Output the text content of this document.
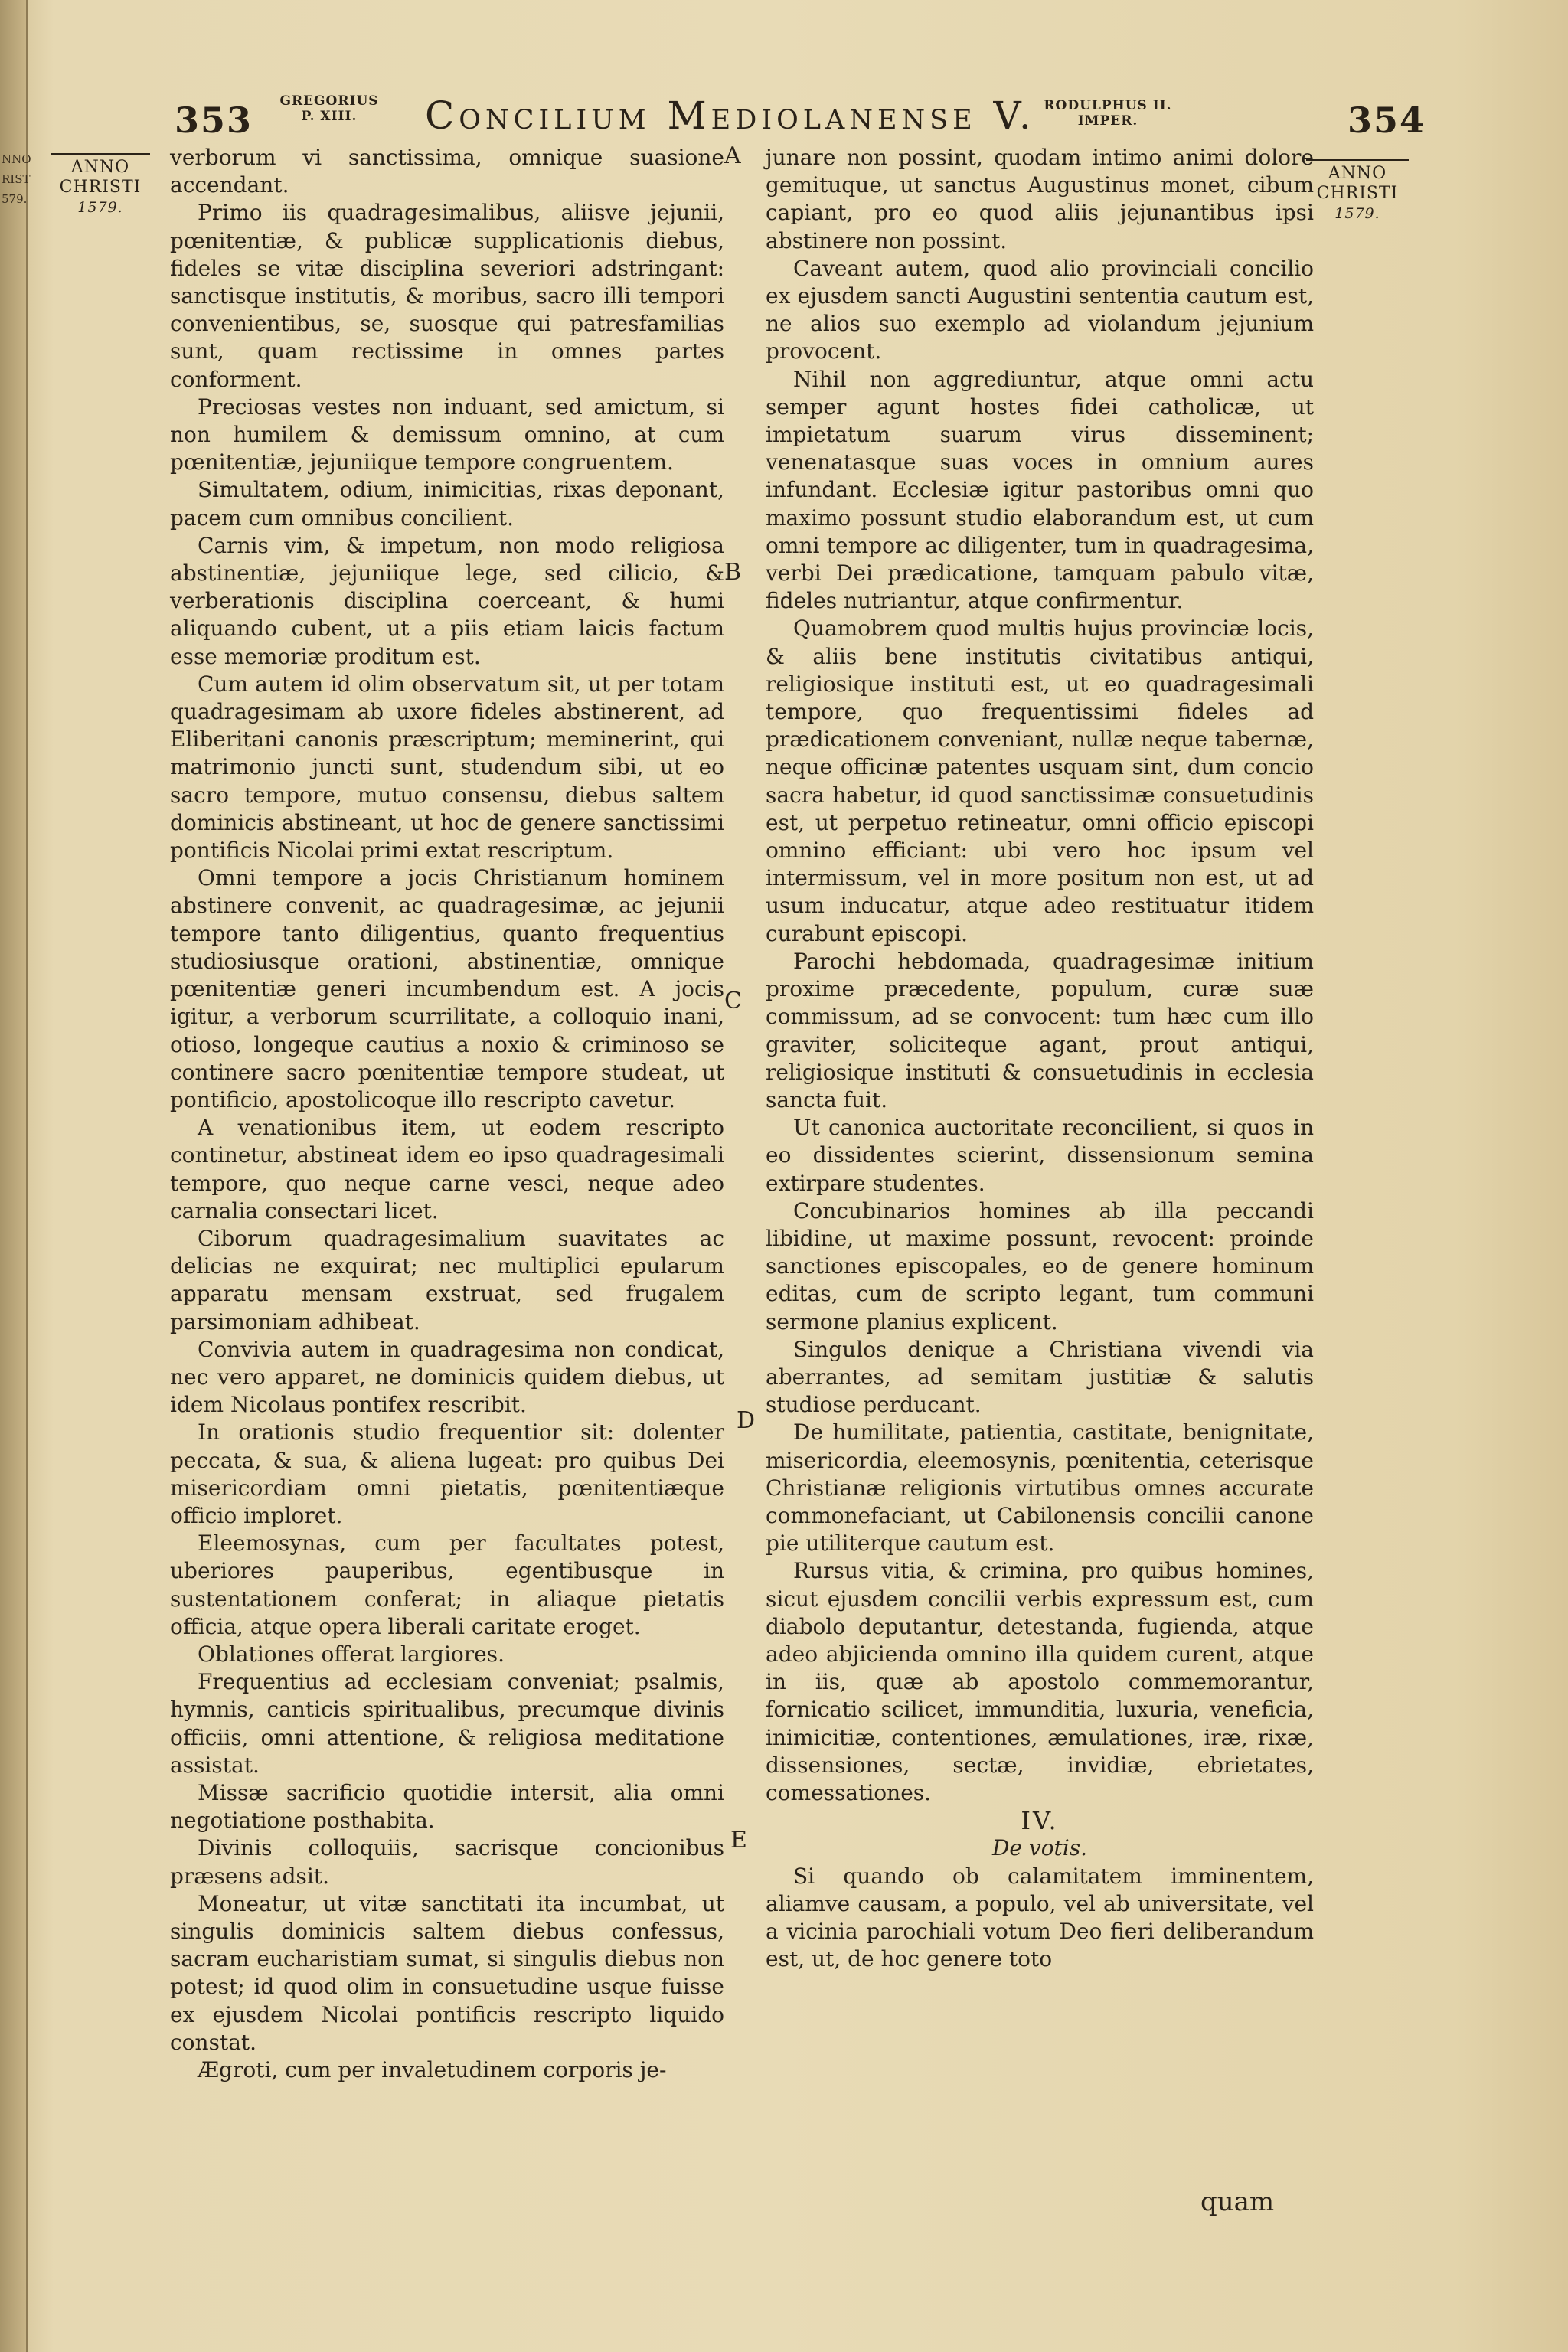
NNO
RIST
579.
353	GREGORIUS
P. XIII.	Concilium Mediolanense V. RODULPHUS II.
IMPER.	354
ANNO
CHRISTI
1579.
ANNO
CHRISTI
1579.
A
B
C
D
E

verborum vi sanctissima, omnique suasione accendant.

Primo iis quadragesimalibus, aliisve jejunii, pœnitentiæ, & publicæ supplicationis diebus, fideles se vitæ disciplina severiori adstringant: sanctisque institutis, & moribus, sacro illi tempori convenientibus, se, suosque qui patresfamilias sunt, quam rectissime in omnes partes conforment.

Preciosas vestes non induant, sed amictum, si non humilem & demissum omnino, at cum pœnitentiæ, jejuniique tempore congruentem.

Simultatem, odium, inimicitias, rixas deponant, pacem cum omnibus concilient.

Carnis vim, & impetum, non modo religiosa abstinentiæ, jejuniique lege, sed cilicio, & verberationis disciplina coerceant, & humi aliquando cubent, ut a piis etiam laicis factum esse memoriæ proditum est.

Cum autem id olim observatum sit, ut per totam quadragesimam ab uxore fideles abstinerent, ad Eliberitani canonis præscriptum; meminerint, qui matrimonio juncti sunt, studendum sibi, ut eo sacro tempore, mutuo consensu, diebus saltem dominicis abstineant, ut hoc de genere sanctissimi pontificis Nicolai primi extat rescriptum.

Omni tempore a jocis Christianum hominem abstinere convenit, ac quadragesimæ, ac jejunii tempore tanto diligentius, quanto frequentius studiosiusque orationi, abstinentiæ, omnique pœnitentiæ generi incumbendum est. A jocis igitur, a verborum scurrilitate, a colloquio inani, otioso, longeque cautius a noxio & criminoso se continere sacro pœnitentiæ tempore studeat, ut pontificio, apostolicoque illo rescripto cavetur.

A venationibus item, ut eodem rescripto continetur, abstineat idem eo ipso quadragesimali tempore, quo neque carne vesci, neque adeo carnalia consectari licet.

Ciborum quadragesimalium suavitates ac delicias ne exquirat; nec multiplici epularum apparatu mensam exstruat, sed frugalem parsimoniam adhibeat.

Convivia autem in quadragesima non condicat, nec vero apparet, ne dominicis quidem diebus, ut idem Nicolaus pontifex rescribit.

In orationis studio frequentior sit: dolenter peccata, & sua, & aliena lugeat: pro quibus Dei misericordiam omni pietatis, pœnitentiæque officio imploret.

Eleemosynas, cum per facultates potest, uberiores pauperibus, egentibusque in sustentationem conferat; in aliaque pietatis officia, atque opera liberali caritate eroget.

Oblationes offerat largiores.

Frequentius ad ecclesiam conveniat; psalmis, hymnis, canticis spiritualibus, precumque divinis officiis, omni attentione, & religiosa meditatione assistat.

Missæ sacrificio quotidie intersit, alia omni negotiatione posthabita.

Divinis colloquiis, sacrisque concionibus præsens adsit.

Moneatur, ut vitæ sanctitati ita incumbat, ut singulis dominicis saltem diebus confessus, sacram eucharistiam sumat, si singulis diebus non potest; id quod olim in consuetudine usque fuisse ex ejusdem Nicolai pontificis rescripto liquido constat.

Ægroti, cum per invaletudinem corporis je-

junare non possint, quodam intimo animi dolore gemituque, ut sanctus Augustinus monet, cibum capiant, pro eo quod aliis jejunantibus ipsi abstinere non possint.

Caveant autem, quod alio provinciali concilio ex ejusdem sancti Augustini sententia cautum est, ne alios suo exemplo ad violandum jejunium provocent.

Nihil non aggrediuntur, atque omni actu semper agunt hostes fidei catholicæ, ut impietatum suarum virus disseminent; venenatasque suas voces in omnium aures infundant. Ecclesiæ igitur pastoribus omni quo maximo possunt studio elaborandum est, ut cum omni tempore ac diligenter, tum in quadragesima, verbi Dei prædicatione, tamquam pabulo vitæ, fideles nutriantur, atque confirmentur.

Quamobrem quod multis hujus provinciæ locis, & aliis bene institutis civitatibus antiqui, religiosique instituti est, ut eo quadragesimali tempore, quo frequentissimi fideles ad prædicationem conveniant, nullæ neque tabernæ, neque officinæ patentes usquam sint, dum concio sacra habetur, id quod sanctissimæ consuetudinis est, ut perpetuo retineatur, omni officio episcopi omnino efficiant: ubi vero hoc ipsum vel intermissum, vel in more positum non est, ut ad usum inducatur, atque adeo restituatur itidem curabunt episcopi.

Parochi hebdomada, quadragesimæ initium proxime præcedente, populum, curæ suæ commissum, ad se convocent: tum hæc cum illo graviter, soliciteque agant, prout antiqui, religiosique instituti & consuetudinis in ecclesia sancta fuit.

Ut canonica auctoritate reconcilient, si quos in eo dissidentes scierint, dissensionum semina extirpare studentes.

Concubinarios homines ab illa peccandi libidine, ut maxime possunt, revocent: proinde sanctiones episcopales, eo de genere hominum editas, cum de scripto legant, tum communi sermone planius explicent.

Singulos denique a Christiana vivendi via aberrantes, ad semitam justitiæ & salutis studiose perducant.

De humilitate, patientia, castitate, benignitate, misericordia, eleemosynis, pœnitentia, ceterisque Christianæ religionis virtutibus omnes accurate commonefaciant, ut Cabilonensis concilii canone pie utiliterque cautum est.

Rursus vitia, & crimina, pro quibus homines, sicut ejusdem concilii verbis expressum est, cum diabolo deputantur, detestanda, fugienda, atque adeo abjicienda omnino illa quidem curent, atque in iis, quæ ab apostolo commemorantur, fornicatio scilicet, immunditia, luxuria, veneficia, inimicitiæ, contentiones, æmulationes, iræ, rixæ, dissensiones, sectæ, invidiæ, ebrietates, comessationes.

IV.

De votis.

Si quando ob calamitatem imminentem, aliamve causam, a populo, vel ab universitate, vel a vicinia parochiali votum Deo fieri deliberandum est, ut, de hoc genere toto

quam
